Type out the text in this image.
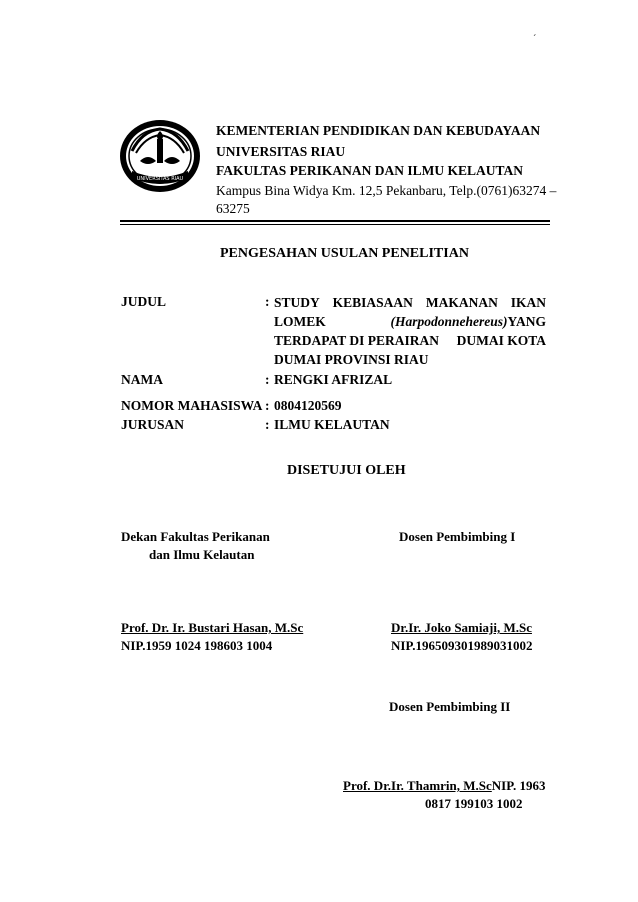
´
UNIVERSITAS RIAU
KEMENTERIAN PENDIDIKAN DAN KEBUDAYAAN
UNIVERSITAS RIAU
FAKULTAS PERIKANAN DAN ILMU KELAUTAN
Kampus Bina Widya Km. 12,5 Pekanbaru, Telp.(0761)63274 –
63275
PENGESAHAN USULAN PENELITIAN
JUDUL	: STUDY KEBIASAAN MAKANAN IKAN
LOMEK	(Harpodonnehereus)YANG
TERDAPAT DI PERAIRAN DUMAI KOTA
DUMAI PROVINSI RIAU
NAMA	: RENGKI AFRIZAL
NOMOR MAHASISWA : 0804120569
JURUSAN	: ILMU KELAUTAN
DISETUJUI OLEH
Dekan Fakultas Perikanan
dan Ilmu Kelautan
Prof. Dr. Ir. Bustari Hasan, M.Sc
NIP.1959 1024 198603 1004
Dosen Pembimbing I
Dr.Ir. Joko Samiaji, M.Sc
NIP.196509301989031002
Dosen Pembimbing II
Prof. Dr.Ir. Thamrin, M.ScNIP. 1963
0817 199103 1002
